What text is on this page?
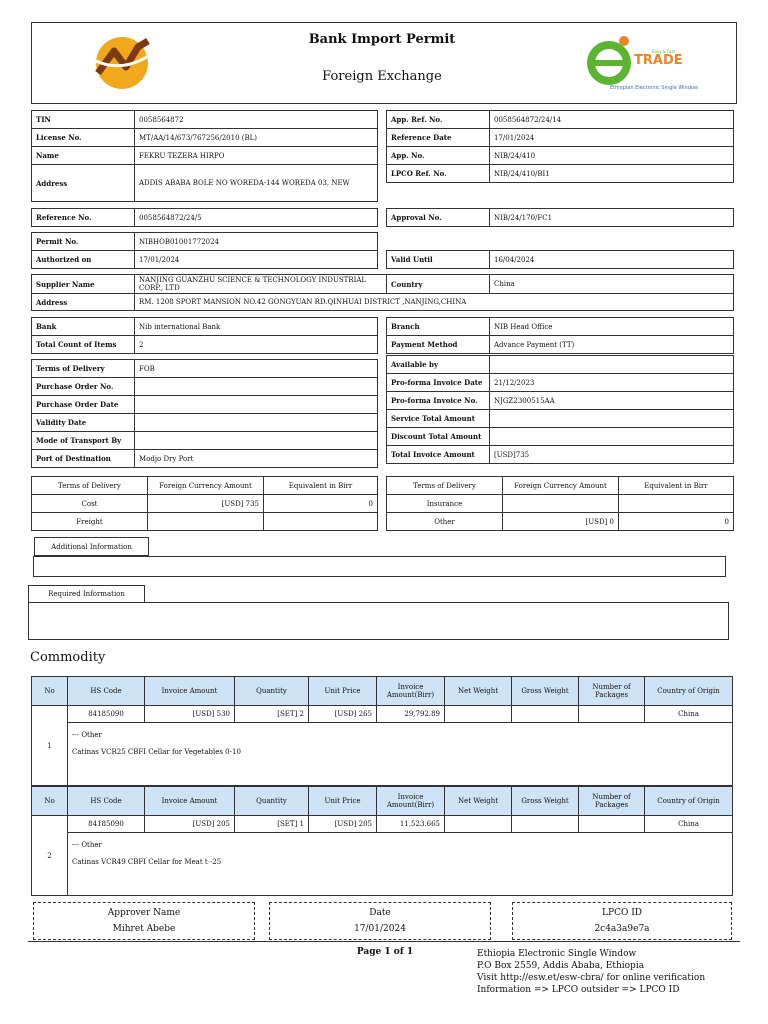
Bank Import Permit
Foreign Exchange
TRADE
Easy & Fast
Ethiopian Electronic Single Window
TIN	0058564872
License No.	MT/AA/14/673/767256/2010 (BL)
Name	FEKRU TEZERA HIRPO
Address	ADDIS ABABA BOLE NO WOREDA-144 WOREDA 03, NEW
App. Ref. No.	0058564872/24/14
Reference Date	17/01/2024
App. No.	NIB/24/410
LPCO Ref. No.	NIB/24/410/BI1
Reference No.	0058564872/24/5	Approval No.	NIB/24/170/FC1
Permit No.	NIBHOB01001772024
Authorized on	17/01/2024	Valid Until	16/04/2024
Supplier Name	NANJING GUANZHU SCIENCE & TECHNOLOGY INDUSTRIAL
CORP., LTD	Country	China
Address	RM. 1208 SPORT MANSION NO.42 GONGYUAN RD.QINHUAI DISTRICT ,NANJING,CHINA		
Bank	Nib international Bank
Total Count of Items	2
Branch	NIB Head Office
Payment Method	Advance Payment (TT)
Terms of Delivery	FOB
Purchase Order No.	
Purchase Order Date	
Validity Date	
Mode of Transport By	
Port of Destination	Modjo Dry Port
Available by	
Pro-forma Invoice Date	21/12/2023
Pro-forma Invoice No.	NJGZ2300515AA
Service Total Amount	
Discount Total Amount	
Total Invoice Amount	[USD]735
Terms of Delivery	Foreign Currency Amount	Equivalent in Birr
Cost	[USD] 735	0
Freight		
Terms of Delivery	Foreign Currency Amount	Equivalent in Birr
Insurance		
Other	[USD] 0	0
Additional Information
Required Information
Commodity
No	HS Code	Invoice Amount	Quantity	Unit Price	Invoice Amount(Birr)	Net Weight	Gross Weight	Number of Packages	Country of Origin
1	84185090	[USD] 530	[SET] 2	[USD] 265	29,792.89				China

	--- Other
Catinas VCR25 CBFI Cellar for Vegetables 0-10								
No	HS Code	Invoice Amount	Quantity	Unit Price	Invoice Amount(Birr)	Net Weight	Gross Weight	Number of Packages	Country of Origin
2	84185090	[USD] 205	[SET] 1	[USD] 205	11,523.665				China

	--- Other
Catinas VCR49 CBFI Cellar for Meat t -25								
Approver Name
Mihret Abebe
Date
17/01/2024
LPCO ID
2c4a3a9e7a
Page 1 of 1	Ethiopia Electronic Single Window
P.O Box 2559, Addis Ababa, Ethiopia
Visit http://esw.et/esw-cbra/ for online verification
Information => LPCO outsider => LPCO ID
